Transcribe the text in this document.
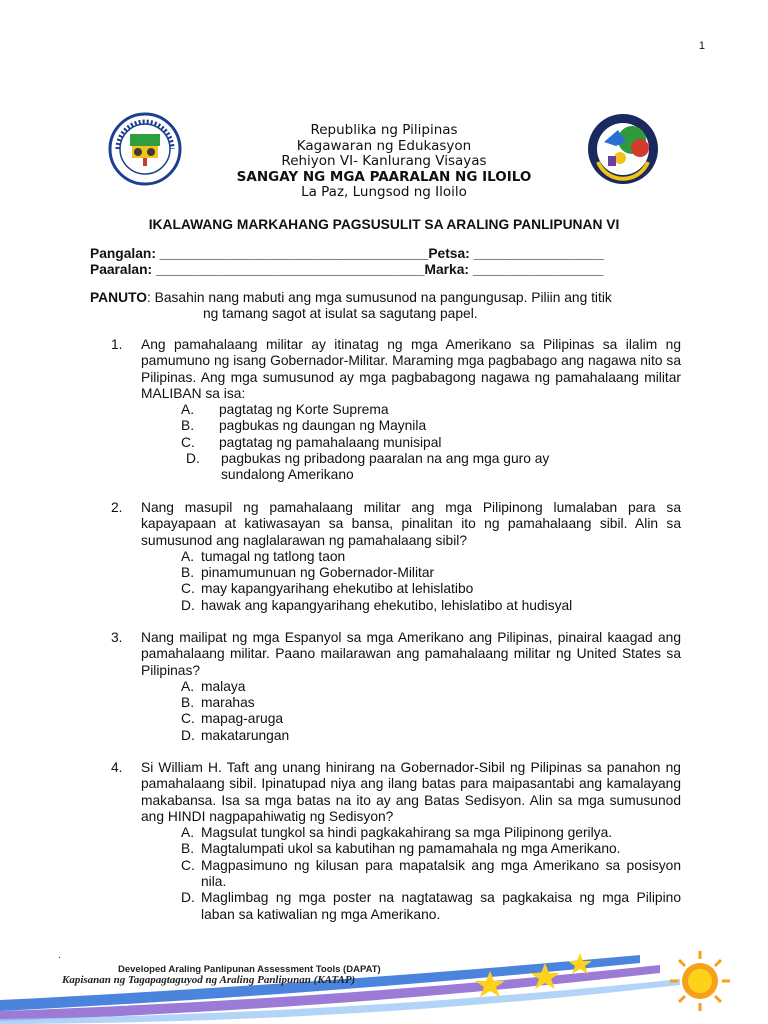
1
Republika ng Pilipinas
Kagawaran ng Edukasyon
Rehiyon VI- Kanlurang Visayas
SANGAY NG MGA PAARALAN NG ILOILO
La Paz, Lungsod ng Iloilo
IKALAWANG MARKAHANG PAGSUSULIT SA ARALING PANLIPUNAN VI
Pangalan: ___________________________________Petsa: _________________
Paaralan: ___________________________________Marka: _________________
PANUTO: Basahin nang mabuti ang mga sumusunod na pangungusap. Piliin ang titik
ng tamang sagot at isulat sa sagutang papel.
1. Ang pamahalaang militar ay itinatag ng mga Amerikano sa Pilipinas sa ilalim ng pamumuno ng isang Gobernador-Militar. Maraming mga pagbabago ang nagawa nito sa Pilipinas. Ang mga sumusunod ay mga pagbabagong nagawa ng pamahalaang militar MALIBAN sa isa:
A. pagtatag ng Korte Suprema
B. pagbukas ng daungan ng Maynila
C. pagtatag ng pamahalaang munisipal
D. pagbukas ng pribadong paaralan na ang mga guro ay sundalong Amerikano
2. Nang masupil ng pamahalaang militar ang mga Pilipinong lumalaban para sa kapayapaan at katiwasayan sa bansa, pinalitan ito ng pamahalaang sibil. Alin sa sumusunod ang naglalarawan ng pamahalaang sibil?
A. tumagal ng tatlong taon
B. pinamumunuan ng Gobernador-Militar
C. may kapangyarihang ehekutibo at lehislatibo
D. hawak ang kapangyarihang ehekutibo, lehislatibo at hudisyal
3. Nang mailipat ng mga Espanyol sa mga Amerikano ang Pilipinas, pinairal kaagad ang pamahalaang militar. Paano mailarawan ang pamahalaang militar ng United States sa Pilipinas?
A. malaya
B. marahas
C. mapag-aruga
D. makatarungan
4. Si William H. Taft ang unang hinirang na Gobernador-Sibil ng Pilipinas sa panahon ng pamahalaang sibil. Ipinatupad niya ang ilang batas para maipasantabi ang kamalayang makabansa. Isa sa mga batas na ito ay ang Batas Sedisyon. Alin sa mga sumusunod ang HINDI nagpapahiwatig ng Sedisyon?
A. Magsulat tungkol sa hindi pagkakahirang sa mga Pilipinong gerilya.
B. Magtalumpati ukol sa kabutihan ng pamamahala ng mga Amerikano.
C. Magpasimuno ng kilusan para mapatalsik ang mga Amerikano sa posisyon nila.
D. Maglimbag ng mga poster na nagtatawag sa pagkakaisa ng mga Pilipino laban sa katiwalian ng mga Amerikano.
.
Developed Araling Panlipunan Assessment Tools (DAPAT)
Kapisanan ng Tagapagtaguyod ng Araling Panlipunan (KATAP)
